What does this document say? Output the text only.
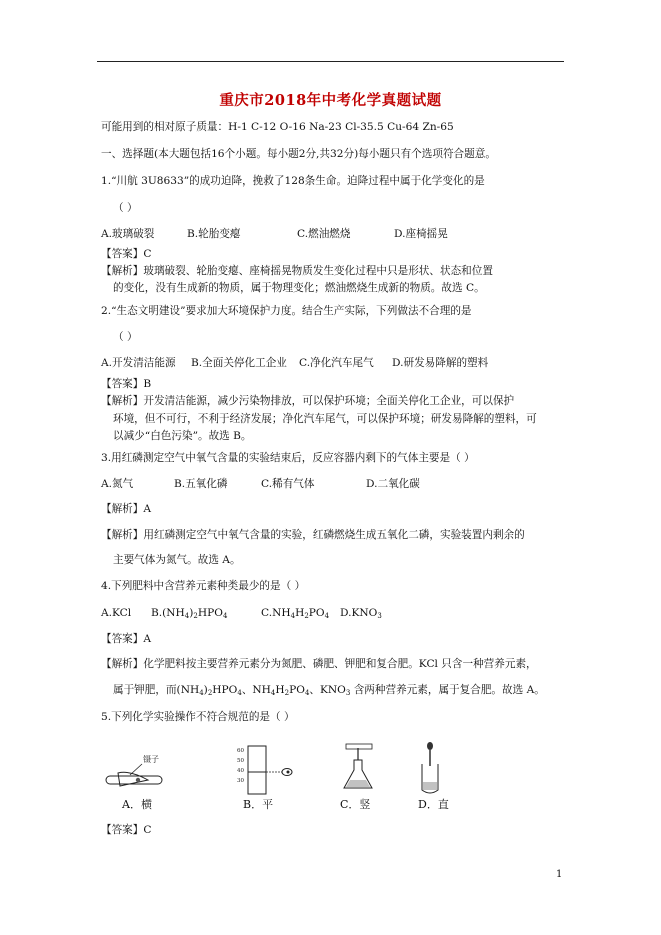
重庆市2018年中考化学真题试题
可能用到的相对原子质量：H-1 C-12 O-16 Na-23 Cl-35.5 Cu-64 Zn-65
一、选择题(本大题包括16个小题。每小题2分,共32分)每小题只有个选项符合题意。
1.“川航 3U8633”的成功迫降，挽救了128条生命。迫降过程中属于化学变化的是
（ ）
A.玻璃破裂	B.轮胎变瘪	C.燃油燃烧	D.座椅摇晃
【答案】C
【解析】玻璃破裂、轮胎变瘪、座椅摇晃物质发生变化过程中只是形状、状态和位置
的变化，没有生成新的物质，属于物理变化；燃油燃烧生成新的物质。故选 C。
2.“生态文明建设”要求加大环境保护力度。结合生产实际，下列做法不合理的是
（ ）
A.开发清洁能源 B.全面关停化工企业 C.净化汽车尾气 D.研发易降解的塑料
【答案】B
【解析】开发清洁能源，减少污染物排放，可以保护环境；全面关停化工企业，可以保护
环境，但不可行，不利于经济发展；净化汽车尾气，可以保护环境；研发易降解的塑料，可
以减少“白色污染”。故选 B。
3.用红磷测定空气中氧气含量的实验结束后，反应容器内剩下的气体主要是（ ）
A.氮气	B.五氧化磷	C.稀有气体	D.二氧化碳
【解析】A
【解析】用红磷测定空气中氧气含量的实验，红磷燃烧生成五氧化二磷，实验装置内剩余的
主要气体为氮气。故选 A。
4.下列肥料中含营养元素种类最少的是（ ）
A.KCl $B.(NH_4)_2HPO_4$	$C.NH_4H_2PO_4$ $D.KNO_3$
【答案】A
【解析】化学肥料按主要营养元素分为氮肥、磷肥、钾肥和复合肥。KCl 只含一种营养元素，
属于钾肥，而$(NH_4)_2HPO_4$、$NH_4H_2PO_4$、$KNO_3$ 含两种营养元素，属于复合肥。故选 A。
5.下列化学实验操作不符合规范的是（ ）
镊子
A．横
60
50
40
30
B．平	C．竖	D．直
【答案】C
1
